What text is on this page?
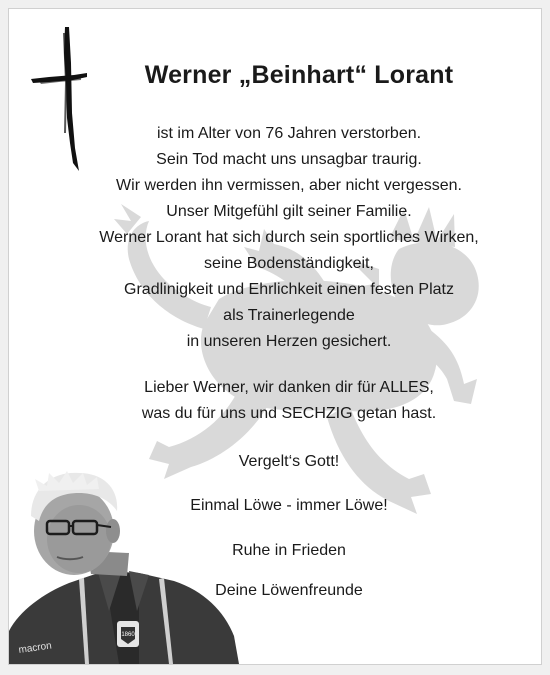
Werner „Beinhart“ Lorant
ist im Alter von 76 Jahren verstorben.
Sein Tod macht uns unsagbar traurig.
Wir werden ihn vermissen, aber nicht vergessen.
Unser Mitgefühl gilt seiner Familie.
Werner Lorant hat sich durch sein sportliches Wirken,
seine Bodenständigkeit,
Gradlinigkeit und Ehrlichkeit einen festen Platz
als Trainerlegende
in unseren Herzen gesichert.
Lieber Werner, wir danken dir für ALLES,
was du für uns und SECHZIG getan hast.
Vergelt‘s Gott!
Einmal Löwe - immer Löwe!
Ruhe in Frieden
Deine Löwenfreunde
1860
macron
